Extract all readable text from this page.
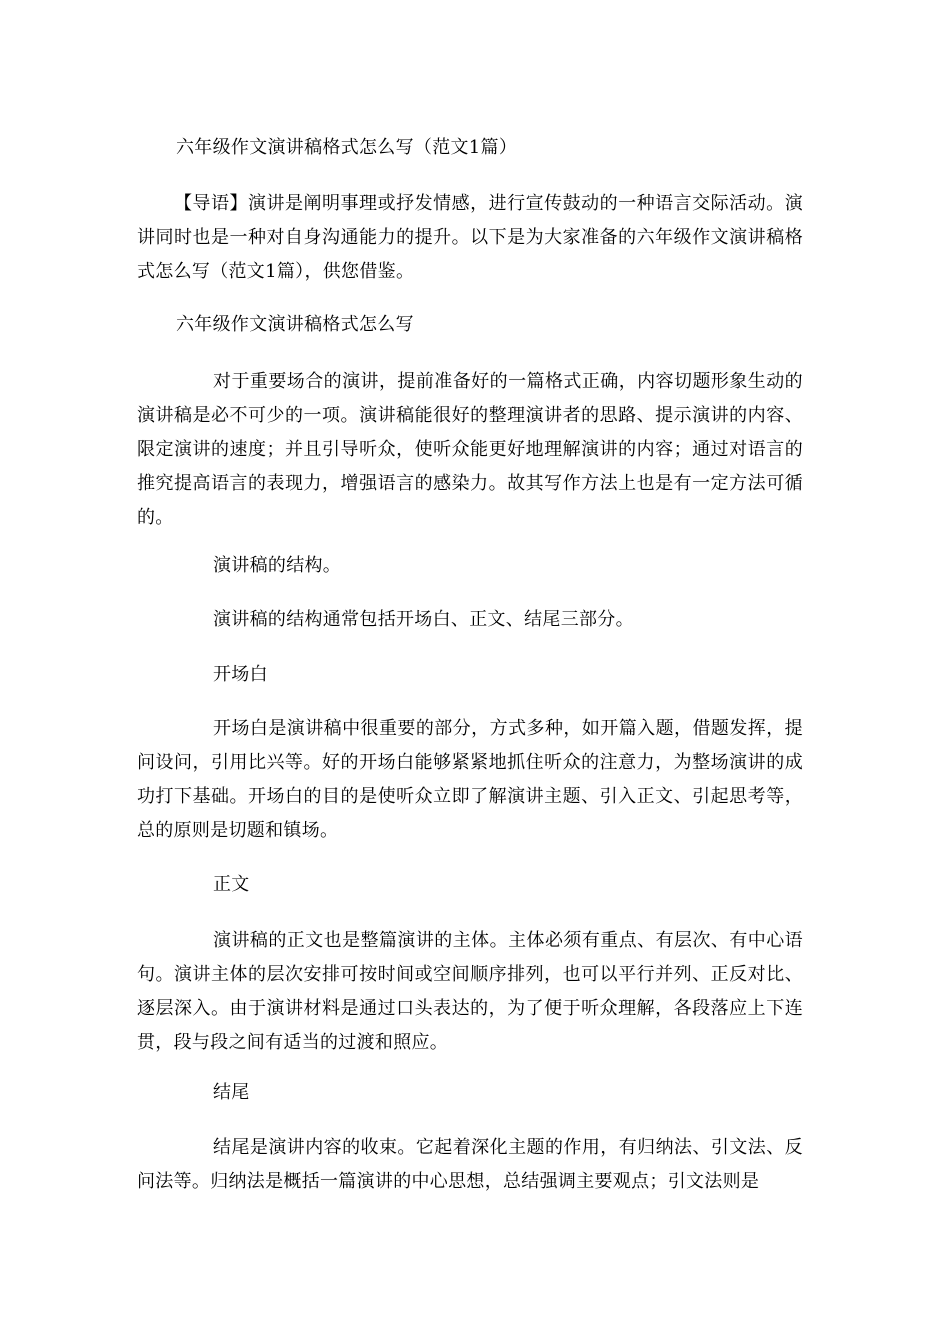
六年级作文演讲稿格式怎么写（范文1篇）
【导语】演讲是阐明事理或抒发情感，进行宣传鼓动的一种语言交际活动。演讲同时也是一种对自身沟通能力的提升。以下是为大家准备的六年级作文演讲稿格式怎么写（范文1篇），供您借鉴。
六年级作文演讲稿格式怎么写
对于重要场合的演讲，提前准备好的一篇格式正确，内容切题形象生动的演讲稿是必不可少的一项。演讲稿能很好的整理演讲者的思路、提示演讲的内容、限定演讲的速度；并且引导听众，使听众能更好地理解演讲的内容；通过对语言的推究提高语言的表现力，增强语言的感染力。故其写作方法上也是有一定方法可循的。
演讲稿的结构。
演讲稿的结构通常包括开场白、正文、结尾三部分。
开场白
开场白是演讲稿中很重要的部分，方式多种，如开篇入题，借题发挥，提问设问，引用比兴等。好的开场白能够紧紧地抓住听众的注意力，为整场演讲的成功打下基础。开场白的目的是使听众立即了解演讲主题、引入正文、引起思考等，总的原则是切题和镇场。
正文
演讲稿的正文也是整篇演讲的主体。主体必须有重点、有层次、有中心语句。演讲主体的层次安排可按时间或空间顺序排列，也可以平行并列、正反对比、逐层深入。由于演讲材料是通过口头表达的，为了便于听众理解，各段落应上下连贯，段与段之间有适当的过渡和照应。
结尾
结尾是演讲内容的收束。它起着深化主题的作用，有归纳法、引文法、反问法等。归纳法是概括一篇演讲的中心思想，总结强调主要观点；引文法则是
